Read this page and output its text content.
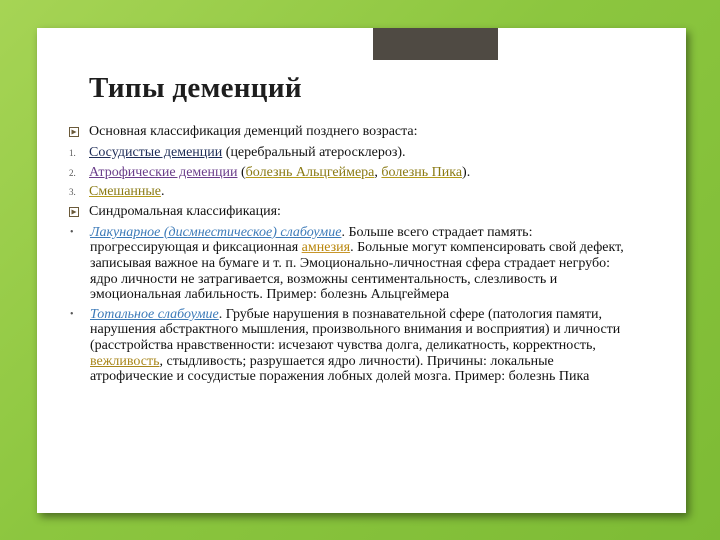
Типы деменций
Основная классификация деменций позднего возраста:
1. Сосудистые деменции (церебральный атеросклероз).
2. Атрофические деменции (болезнь Альцгеймера, болезнь Пика).
3. Смешанные.
Синдромальная классификация:
•	Лакунарное (дисмнестическое) слабоумие. Больше всего страдает память: прогрессирующая и фиксационная амнезия. Больные могут компенсировать свой дефект, записывая важное на бумаге и т. п. Эмоционально-личностная сфера страдает негрубо: ядро личности не затрагивается, возможны сентиментальность, слезливость и эмоциональная лабильность. Пример: болезнь Альцгеймера
•	Тотальное слабоумие. Грубые нарушения в познавательной сфере (патология памяти, нарушения абстрактного мышления, произвольного внимания и восприятия) и личности (расстройства нравственности: исчезают чувства долга, деликатность, корректность, вежливость, стыдливость; разрушается ядро личности). Причины: локальные атрофические и сосудистые поражения лобных долей мозга. Пример: болезнь Пика
